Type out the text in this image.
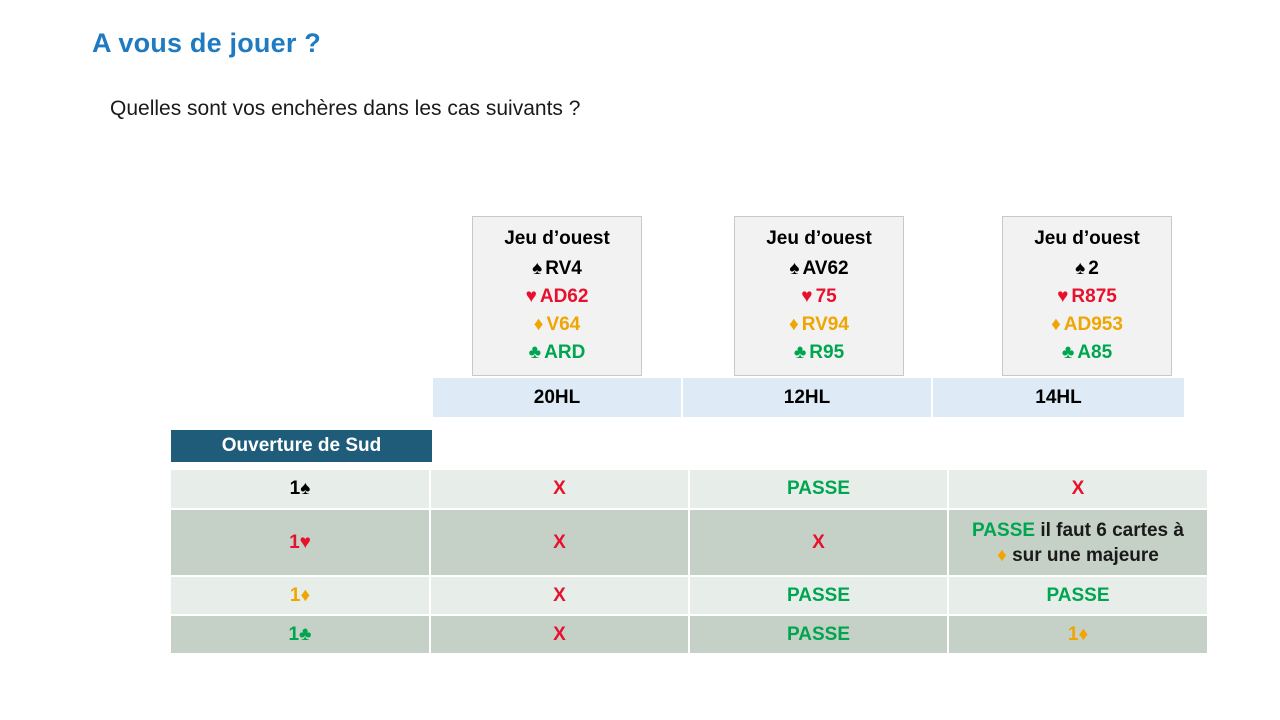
A vous de jouer ?
Quelles sont vos enchères dans les cas suivants ?
Jeu d’ouest
♠ RV4
♥ AD62
♦ V64
♣ ARD
Jeu d’ouest
♠ AV62
♥ 75
♦ RV94
♣ R95
Jeu d’ouest
♠ 2
♥ R875
♦ AD953
♣ A85
20HL	12HL	14HL
Ouverture de Sud
1♠	X	PASSE	X
1♥	X	X	PASSE il faut 6 cartes à
♦ sur une majeure

1♦	X	PASSE	PASSE
1♣	X	PASSE	1♦
